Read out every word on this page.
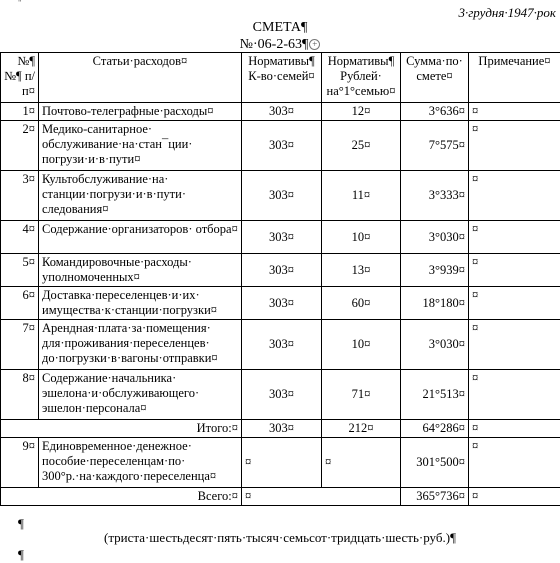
"
3·грудня·1947·рок
СМЕТА¶
№·06-2-63¶ +
№¶ №¶ п/п¤	Статьи·расходов¤	Нормативы¶ К-во·семей¤	Нормативы¶ Рублей· на°1°семью¤	Сумма·по· смете¤	Примечание¤
1¤	Почтово-телеграфные·расходы¤	303¤	12¤	3°636¤	¤
2¤	Медико-санитарное· обслуживание·на·стан¯ции· погрузи·и·в·пути¤	303¤	25¤	7°575¤	¤
3¤	Культобслуживание·на· станции·погрузи·и·в·пути· следования¤	303¤	11¤	3°333¤	¤
4¤	Содержание·организаторов· отбора¤	303¤	10¤	3°030¤	¤
5¤	Командировочные·расходы· уполномоченных¤	303¤	13¤	3°939¤	¤
6¤	Доставка·переселенцев·и·их· имущества·к·станции·погрузки¤	303¤	60¤	18°180¤	¤
7¤	Арендная·плата·за·помещения· для·проживания·переселенцев· до·погрузки·в·вагоны·отправки¤	303¤	10¤	3°030¤	¤
8¤	Содержание·начальника· эшелона·и·обслуживающего· эшелон·персонала¤	303¤	71¤	21°513¤	¤
Итого:¤		303¤	212¤	64°286¤	¤
9¤	Единовременное·денежное· пособие·переселенцам·по· 300°р.·на·каждого·переселенца¤	¤	¤	301°500¤	¤
Всего:¤		¤		365°736¤	¤
¶
(триста·шестьдесят·пять·тысяч·семьсот·тридцать·шесть·руб.)¶
¶
